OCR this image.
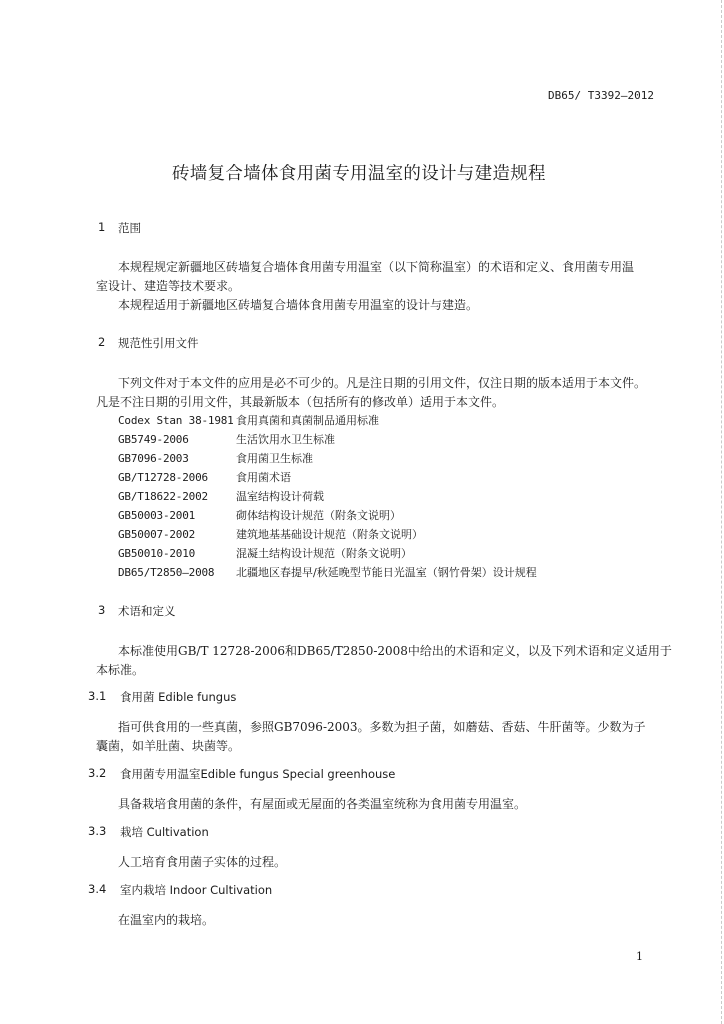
DB65/ T3392—2012
砖墙复合墙体食用菌专用温室的设计与建造规程
1 范围
本规程规定新疆地区砖墙复合墙体食用菌专用温室（以下简称温室）的术语和定义、食用菌专用温
室设计、建造等技术要求。
本规程适用于新疆地区砖墙复合墙体食用菌专用温室的设计与建造。
2 规范性引用文件
下列文件对于本文件的应用是必不可少的。凡是注日期的引用文件，仅注日期的版本适用于本文件。
凡是不注日期的引用文件，其最新版本（包括所有的修改单）适用于本文件。
Codex Stan 38-1981 食用真菌和真菌制品通用标准
GB5749-2006	生活饮用水卫生标准
GB7096-2003	食用菌卫生标准
GB/T12728-2006	食用菌术语
GB/T18622-2002	温室结构设计荷载
GB50003-2001	砌体结构设计规范（附条文说明）
GB50007-2002	建筑地基基础设计规范（附条文说明）
GB50010-2010	混凝土结构设计规范（附条文说明）
DB65/T2850—2008 北疆地区春提早/秋延晚型节能日光温室（钢竹骨架）设计规程
3 术语和定义
本标准使用GB/T 12728-2006和DB65/T2850-2008中给出的术语和定义，以及下列术语和定义适用于
本标准。
3.1 食用菌 Edible fungus
指可供食用的一些真菌，参照GB7096-2003。多数为担子菌，如蘑菇、香菇、牛肝菌等。少数为子
囊菌，如羊肚菌、块菌等。
3.2 食用菌专用温室Edible fungus Special greenhouse
具备栽培食用菌的条件，有屋面或无屋面的各类温室统称为食用菌专用温室。
3.3 栽培 Cultivation
人工培育食用菌子实体的过程。
3.4 室内栽培 Indoor Cultivation
在温室内的栽培。
1
